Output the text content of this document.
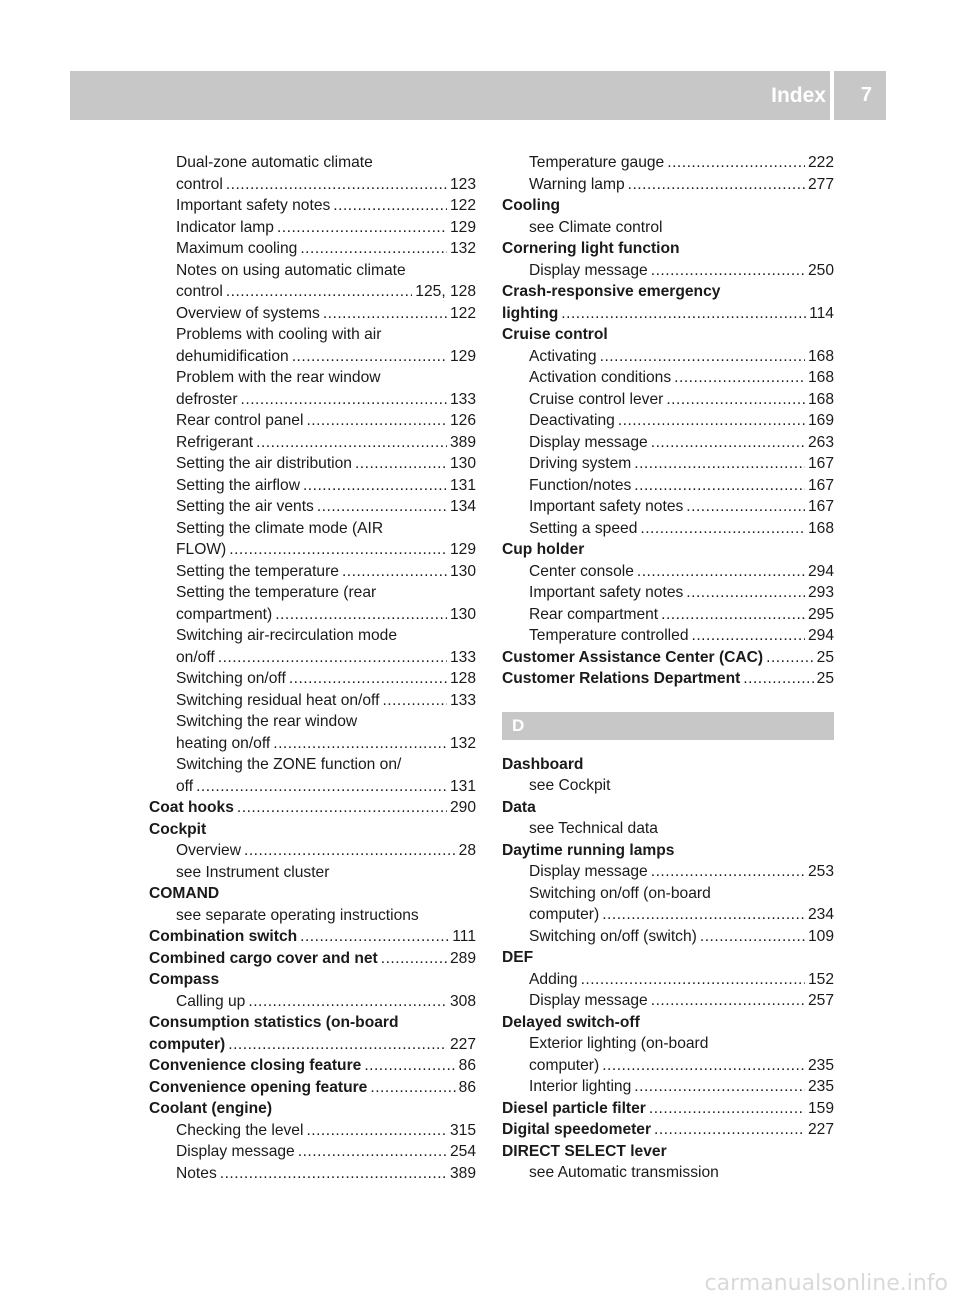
Index 7
Dual-zone automatic climate
control .....	123
Important safety notes .....	122
Indicator lamp .....	129
Maximum cooling .....	132
Notes on using automatic climate
control .....	125, 128
Overview of systems .....	122
Problems with cooling with air
dehumidification .....	129
Problem with the rear window
defroster .....	133
Rear control panel .....	126
Refrigerant .....	389
Setting the air distribution .....	130
Setting the airflow .....	131
Setting the air vents .....	134
Setting the climate mode (AIR
FLOW) .....	129
Setting the temperature .....	130
Setting the temperature (rear
compartment) .....	130
Switching air-recirculation mode
on/off .....	133
Switching on/off .....	128
Switching residual heat on/off .....	133
Switching the rear window
heating on/off .....	132
Switching the ZONE function on/
off .....	131
Coat hooks .....	290
Cockpit
Overview .....	28
see Instrument cluster
COMAND
see separate operating instructions
Combination switch .....	111
Combined cargo cover and net .....	289
Compass
Calling up .....	308
Consumption statistics (on-board
computer) .....	227
Convenience closing feature .....	86
Convenience opening feature .....	86
Coolant (engine)
Checking the level .....	315
Display message .....	254
Notes .....	389
Temperature gauge .....	222
Warning lamp .....	277
Cooling
see Climate control
Cornering light function
Display message .....	250
Crash-responsive emergency
lighting .....	114
Cruise control
Activating .....	168
Activation conditions .....	168
Cruise control lever .....	168
Deactivating .....	169
Display message .....	263
Driving system .....	167
Function/notes .....	167
Important safety notes .....	167
Setting a speed .....	168
Cup holder
Center console .....	294
Important safety notes .....	293
Rear compartment .....	295
Temperature controlled .....	294
Customer Assistance Center (CAC) .....	25
Customer Relations Department .....	25
D
Dashboard
see Cockpit
Data
see Technical data
Daytime running lamps
Display message .....	253
Switching on/off (on-board
computer) .....	234
Switching on/off (switch) .....	109
DEF
Adding .....	152
Display message .....	257
Delayed switch-off
Exterior lighting (on-board
computer) .....	235
Interior lighting .....	235
Diesel particle filter .....	159
Digital speedometer .....	227
DIRECT SELECT lever
see Automatic transmission
carmanualsonline.info
